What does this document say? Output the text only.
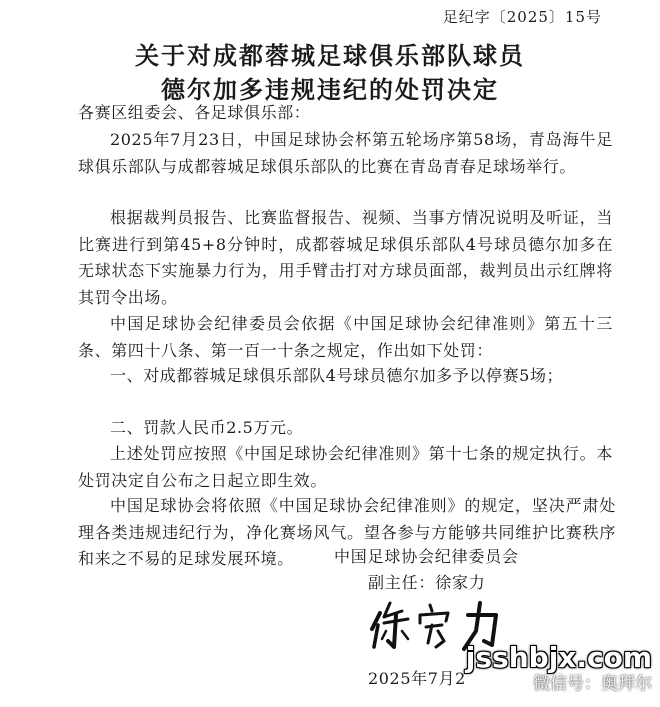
足纪字〔2025〕15号
关于对成都蓉城足球俱乐部队球员
德尔加多违规违纪的处罚决定
各赛区组委会、各足球俱乐部：
2025年7月23日，中国足球协会杯第五轮场序第58场，青岛海牛足球俱乐部队与成都蓉城足球俱乐部队的比赛在青岛青春足球场举行。
根据裁判员报告、比赛监督报告、视频、当事方情况说明及听证，当比赛进行到第45+8分钟时，成都蓉城足球俱乐部队4号球员德尔加多在无球状态下实施暴力行为，用手臂击打对方球员面部，裁判员出示红牌将其罚令出场。
中国足球协会纪律委员会依据《中国足球协会纪律准则》第五十三条、第四十八条、第一百一十条之规定，作出如下处罚：
一、对成都蓉城足球俱乐部队4号球员德尔加多予以停赛5场；
二、罚款人民币2.5万元。
上述处罚应按照《中国足球协会纪律准则》第十七条的规定执行。本处罚决定自公布之日起立即生效。
中国足球协会将依照《中国足球协会纪律准则》的规定，坚决严肃处理各类违规违纪行为，净化赛场风气。望各参与方能够共同维护比赛秩序和来之不易的足球发展环境。	中国足球协会纪律委员会
副主任：徐家力
2025年7月2
jsshbjx.com
微信号：奥拜尔
